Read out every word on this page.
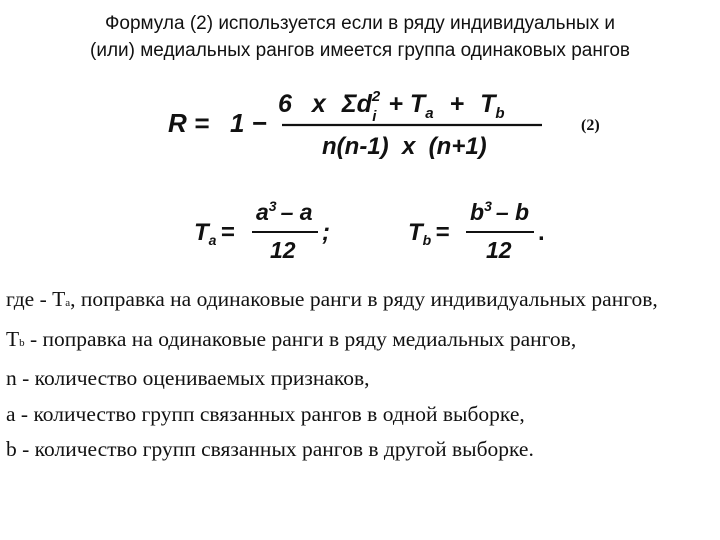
Формула (2) используется если в ряду индивидуальных и
(или) медиальных рангов имеется группа одинаковых рангов
R = 1 −
6 x $\Sigma d^2$ $i + T_a + T_b$
n(n-1)  x  (n+1)
(2)
$T_a$ =
$a^3$ – a
12
;	$T_b$ =
$b^3$ – b
12
.

где - Ta, поправка на одинаковые ранги в ряду индивидуальных рангов,

Tb - поправка на одинаковые ранги в ряду медиальных рангов,

n - количество оцениваемых признаков,

a - количество групп связанных рангов в одной выборке,

b - количество групп связанных рангов в другой выборке.
